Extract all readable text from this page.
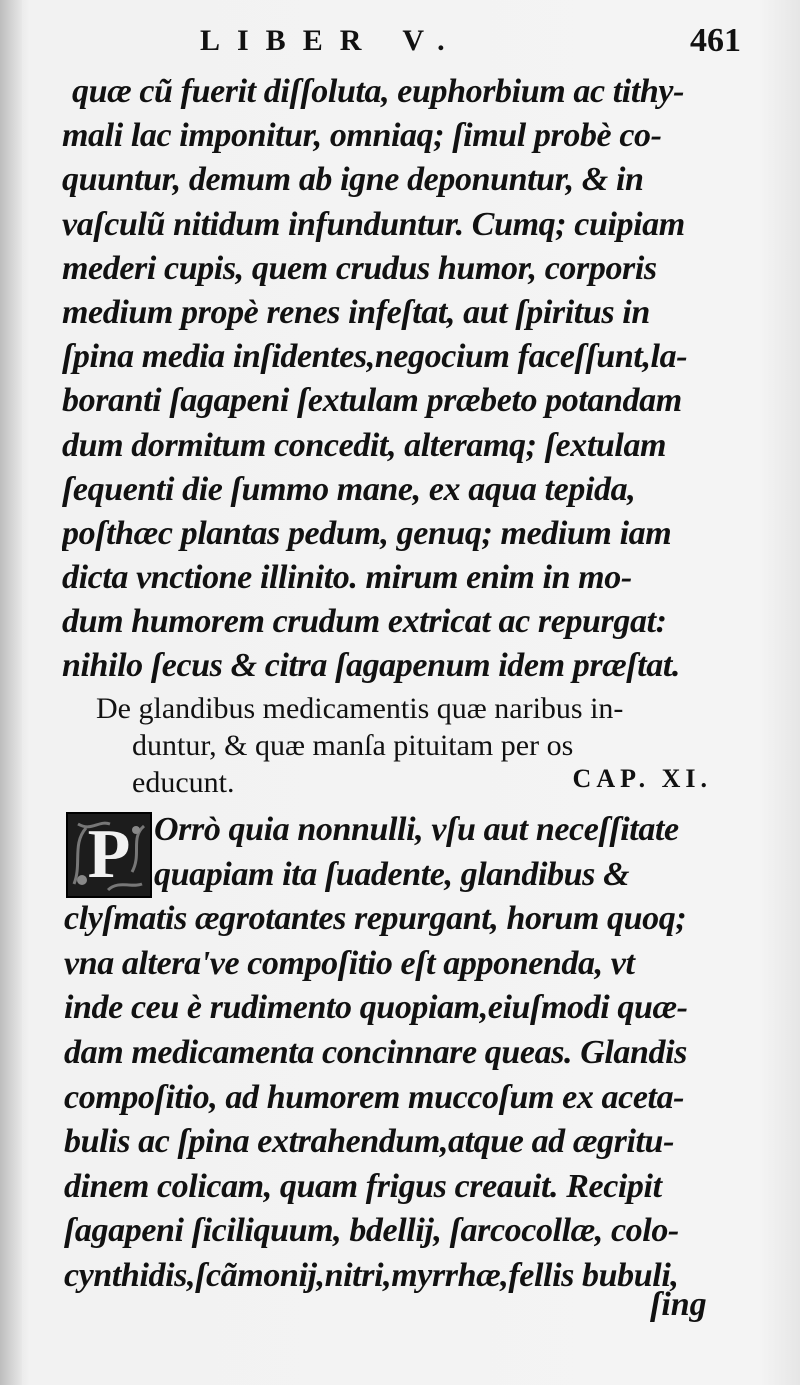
LIBER V.	461
quæ cũ fuerit diſſoluta, euphorbium ac tithy-
mali lac imponitur, omniaq; ſimul probè co-
quuntur, demum ab igne deponuntur, & in
vaſculũ nitidum infunduntur. Cumq; cuipiam
mederi cupis, quem crudus humor, corporis
medium propè renes infeſtat, aut ſpiritus in
ſpina media inſidentes,negocium faceſſunt,la-
boranti ſagapeni ſextulam præbeto potandam
dum dormitum concedit, alteramq; ſextulam
ſequenti die ſummo mane, ex aqua tepida,
poſthæc plantas pedum, genuq; medium iam
dicta vnctione illinito. mirum enim in mo-
dum humorem crudum extricat ac repurgat:
nihilo ſecus & citra ſagapenum idem præſtat.
De glandibus medicamentis quæ naribus in-
duntur, & quæ manſa pituitam per os
educunt.	CAP. XI.
P Orrò quia nonnulli, vſu aut neceſſitate
quapiam ita ſuadente, glandibus &
clyſmatis ægrotantes repurgant, horum quoq;
vna altera've compoſitio eſt apponenda, vt
inde ceu è rudimento quopiam,eiuſmodi quæ-
dam medicamenta concinnare queas. Glandis
compoſitio, ad humorem muccoſum ex aceta-
bulis ac ſpina extrahendum,atque ad ægritu-
dinem colicam, quam frigus creauit. Recipit
ſagapeni ſiciliquum, bdellij, ſarcocollæ, colo-
cynthidis,ſcãmonij,nitri,myrrhæ,fellis bubuli,
ſing
